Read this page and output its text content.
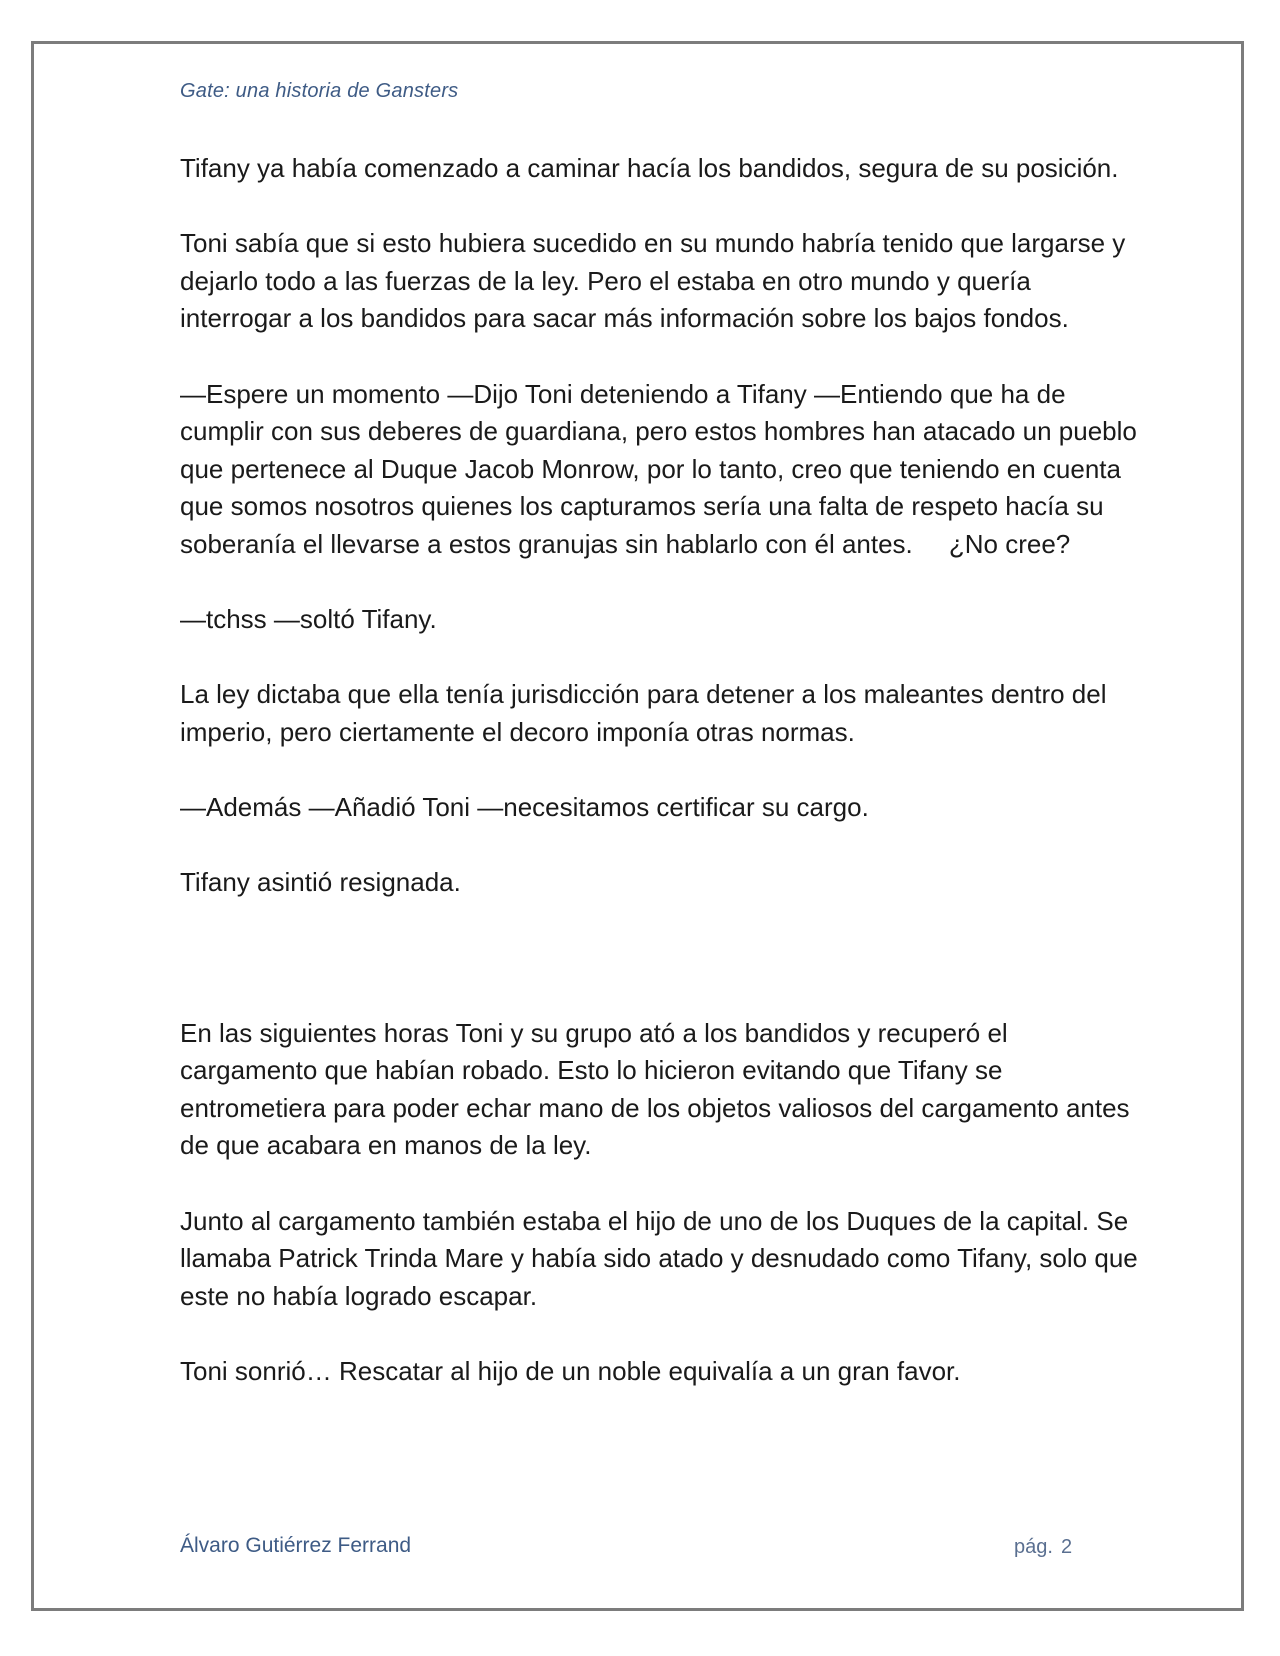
Gate: una historia de Gansters

Tifany ya había comenzado a caminar hacía los bandidos, segura de su posición.

Toni sabía que si esto hubiera sucedido en su mundo habría tenido que largarse y dejarlo todo a las fuerzas de la ley. Pero el estaba en otro mundo y quería interrogar a los bandidos para sacar más información sobre los bajos fondos.

—Espere un momento —Dijo Toni deteniendo a Tifany —Entiendo que ha de cumplir con sus deberes de guardiana, pero estos hombres han atacado un pueblo que pertenece al Duque Jacob Monrow, por lo tanto, creo que teniendo en cuenta que somos nosotros quienes los capturamos sería una falta de respeto hacía su soberanía el llevarse a estos granujas sin hablarlo con él antes.     ¿No cree?

—tchss —soltó Tifany.

La ley dictaba que ella tenía jurisdicción para detener a los maleantes dentro del imperio, pero ciertamente el decoro imponía otras normas.

—Además —Añadió Toni —necesitamos certificar su cargo.

Tifany asintió resignada.

En las siguientes horas Toni y su grupo ató a los bandidos y recuperó el cargamento que habían robado. Esto lo hicieron evitando que Tifany se entrometiera para poder echar mano de los objetos valiosos del cargamento antes de que acabara en manos de la ley.

Junto al cargamento también estaba el hijo de uno de los Duques de la capital. Se llamaba Patrick Trinda Mare y había sido atado y desnudado como Tifany, solo que este no había logrado escapar.

Toni sonrió… Rescatar al hijo de un noble equivalía a un gran favor.

Álvaro Gutiérrez Ferrand	pág. 2
